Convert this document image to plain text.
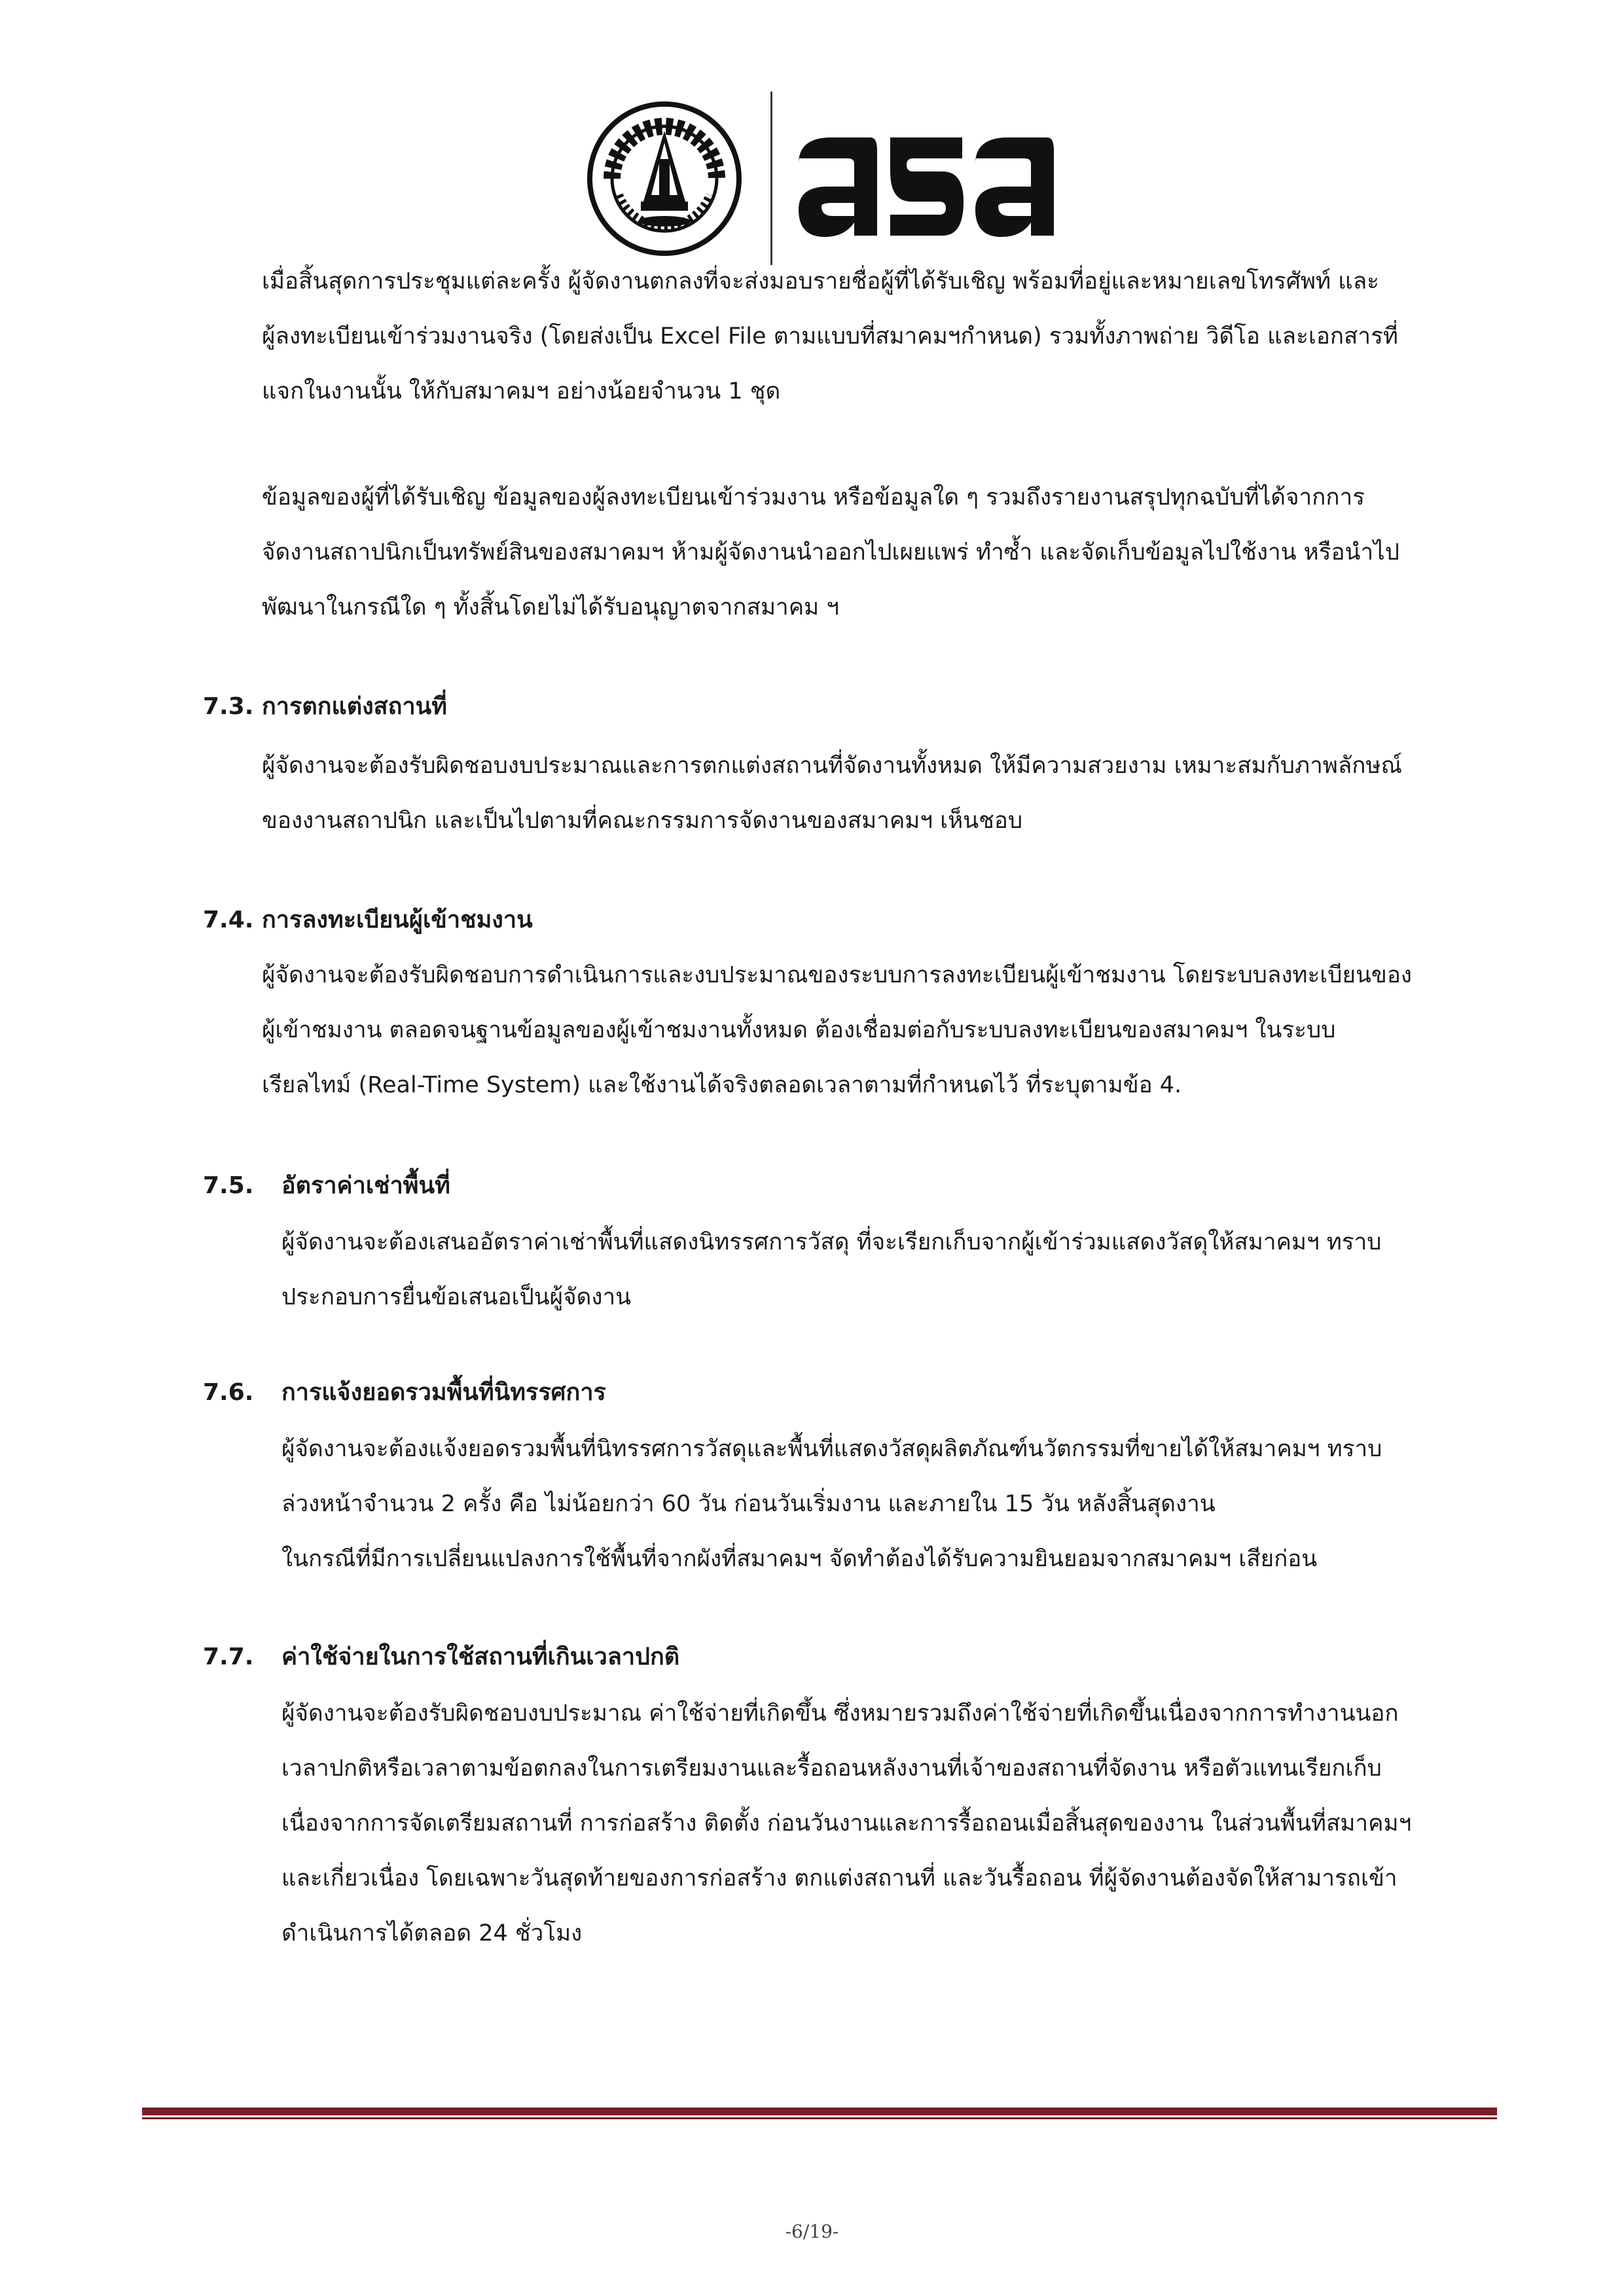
เมื่อสิ้นสุดการประชุมแต่ละครั้ง ผู้จัดงานตกลงที่จะส่งมอบรายชื่อผู้ที่ได้รับเชิญ พร้อมที่อยู่และหมายเลขโทรศัพท์ และ
ผู้ลงทะเบียนเข้าร่วมงานจริง (โดยส่งเป็น Excel File ตามแบบที่สมาคมฯกำหนด) รวมทั้งภาพถ่าย วิดีโอ และเอกสารที่
แจกในงานนั้น ให้กับสมาคมฯ อย่างน้อยจำนวน 1 ชุด

ข้อมูลของผู้ที่ได้รับเชิญ ข้อมูลของผู้ลงทะเบียนเข้าร่วมงาน หรือข้อมูลใด ๆ รวมถึงรายงานสรุปทุกฉบับที่ได้จากการ
จัดงานสถาปนิกเป็นทรัพย์สินของสมาคมฯ ห้ามผู้จัดงานนำออกไปเผยแพร่ ทำซ้ำ และจัดเก็บข้อมูลไปใช้งาน หรือนำไป
พัฒนาในกรณีใด ๆ ทั้งสิ้นโดยไม่ได้รับอนุญาตจากสมาคม ฯ

7.3. การตกแต่งสถานที่

ผู้จัดงานจะต้องรับผิดชอบงบประมาณและการตกแต่งสถานที่จัดงานทั้งหมด ให้มีความสวยงาม เหมาะสมกับภาพลักษณ์
ของงานสถาปนิก และเป็นไปตามที่คณะกรรมการจัดงานของสมาคมฯ เห็นชอบ

7.4. การลงทะเบียนผู้เข้าชมงาน

ผู้จัดงานจะต้องรับผิดชอบการดำเนินการและงบประมาณของระบบการลงทะเบียนผู้เข้าชมงาน โดยระบบลงทะเบียนของ
ผู้เข้าชมงาน ตลอดจนฐานข้อมูลของผู้เข้าชมงานทั้งหมด ต้องเชื่อมต่อกับระบบลงทะเบียนของสมาคมฯ ในระบบ
เรียลไทม์ (Real-Time System) และใช้งานได้จริงตลอดเวลาตามที่กำหนดไว้ ที่ระบุตามข้อ 4.

7.5. อัตราค่าเช่าพื้นที่

ผู้จัดงานจะต้องเสนออัตราค่าเช่าพื้นที่แสดงนิทรรศการวัสดุ ที่จะเรียกเก็บจากผู้เข้าร่วมแสดงวัสดุให้สมาคมฯ ทราบ
ประกอบการยื่นข้อเสนอเป็นผู้จัดงาน

7.6. การแจ้งยอดรวมพื้นที่นิทรรศการ

ผู้จัดงานจะต้องแจ้งยอดรวมพื้นที่นิทรรศการวัสดุและพื้นที่แสดงวัสดุผลิตภัณฑ์นวัตกรรมที่ขายได้ให้สมาคมฯ ทราบ
ล่วงหน้าจำนวน 2 ครั้ง คือ ไม่น้อยกว่า 60 วัน ก่อนวันเริ่มงาน และภายใน 15 วัน หลังสิ้นสุดงาน
ในกรณีที่มีการเปลี่ยนแปลงการใช้พื้นที่จากผังที่สมาคมฯ จัดทำต้องได้รับความยินยอมจากสมาคมฯ เสียก่อน

7.7. ค่าใช้จ่ายในการใช้สถานที่เกินเวลาปกติ

ผู้จัดงานจะต้องรับผิดชอบงบประมาณ ค่าใช้จ่ายที่เกิดขึ้น ซึ่งหมายรวมถึงค่าใช้จ่ายที่เกิดขึ้นเนื่องจากการทำงานนอก
เวลาปกติหรือเวลาตามข้อตกลงในการเตรียมงานและรื้อถอนหลังงานที่เจ้าของสถานที่จัดงาน หรือตัวแทนเรียกเก็บ
เนื่องจากการจัดเตรียมสถานที่ การก่อสร้าง ติดตั้ง ก่อนวันงานและการรื้อถอนเมื่อสิ้นสุดของงาน ในส่วนพื้นที่สมาคมฯ
และเกี่ยวเนื่อง โดยเฉพาะวันสุดท้ายของการก่อสร้าง ตกแต่งสถานที่ และวันรื้อถอน ที่ผู้จัดงานต้องจัดให้สามารถเข้า
ดำเนินการได้ตลอด 24 ชั่วโมง

-6/19-
